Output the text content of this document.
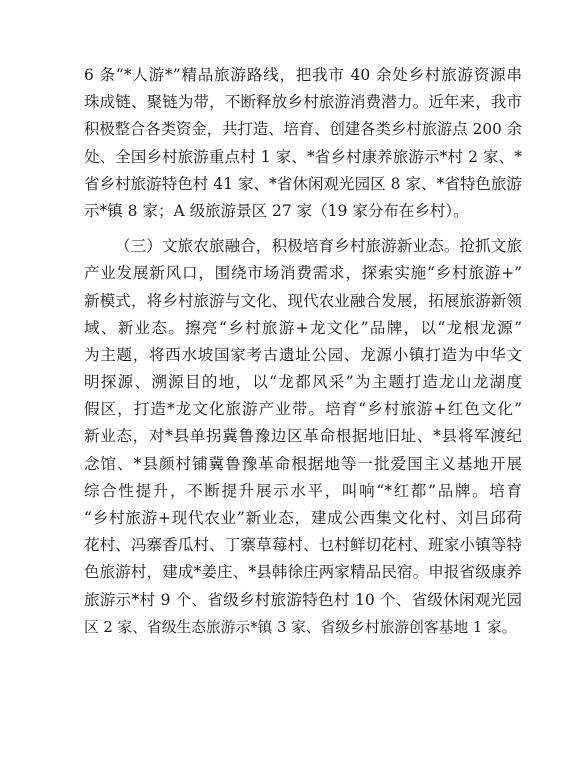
6 条“*人游*”精品旅游路线，把我市 40 余处乡村旅游资源串
珠成链、聚链为带，不断释放乡村旅游消费潜力。近年来，我市
积极整合各类资金，共打造、培育、创建各类乡村旅游点 200 余
处、全国乡村旅游重点村 1 家、*省乡村康养旅游示*村 2 家、*
省乡村旅游特色村 41 家、*省休闲观光园区 8 家、*省特色旅游
示*镇 8 家；A 级旅游景区 27 家（19 家分布在乡村）。
（三）文旅农旅融合，积极培育乡村旅游新业态。抢抓文旅
产业发展新风口，围绕市场消费需求，探索实施“乡村旅游+”
新模式，将乡村旅游与文化、现代农业融合发展，拓展旅游新领
域、新业态。擦亮“乡村旅游+龙文化”品牌，以“龙根龙源”
为主题，将西水坡国家考古遗址公园、龙源小镇打造为中华文
明探源、溯源目的地，以“龙都风采”为主题打造龙山龙湖度
假区，打造*龙文化旅游产业带。培育“乡村旅游+红色文化”
新业态，对*县单拐冀鲁豫边区革命根据地旧址、*县将军渡纪
念馆、*县颜村铺冀鲁豫革命根据地等一批爱国主义基地开展
综合性提升，不断提升展示水平，叫响“*红都”品牌。培育
“乡村旅游+现代农业”新业态，建成公西集文化村、刘吕邱荷
花村、冯寨香瓜村、丁寨草莓村、乜村鲜切花村、班家小镇等特
色旅游村，建成*姜庄、*县韩徐庄两家精品民宿。申报省级康养
旅游示*村 9 个、省级乡村旅游特色村 10 个、省级休闲观光园
区 2 家、省级生态旅游示*镇 3 家、省级乡村旅游创客基地 1 家。
